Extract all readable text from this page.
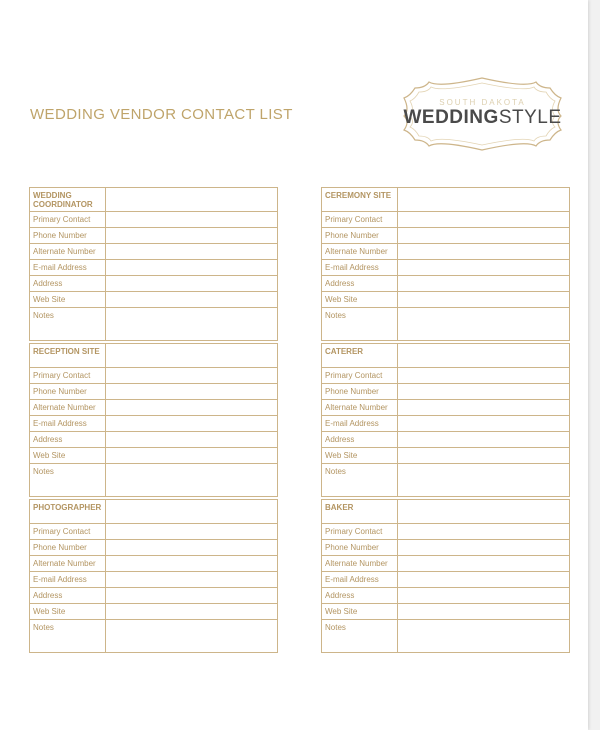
WEDDING VENDOR CONTACT LIST
SOUTH DAKOTA
WEDDINGSTYLE
WEDDING COORDINATOR	
Primary Contact	
Phone Number	
Alternate Number	
E-mail Address	
Address	
Web Site	
Notes	
CEREMONY SITE	
Primary Contact	
Phone Number	
Alternate Number	
E-mail Address	
Address	
Web Site	
Notes	
RECEPTION SITE	
Primary Contact	
Phone Number	
Alternate Number	
E-mail Address	
Address	
Web Site	
Notes	
CATERER	
Primary Contact	
Phone Number	
Alternate Number	
E-mail Address	
Address	
Web Site	
Notes	
PHOTOGRAPHER	
Primary Contact	
Phone Number	
Alternate Number	
E-mail Address	
Address	
Web Site	
Notes	
BAKER	
Primary Contact	
Phone Number	
Alternate Number	
E-mail Address	
Address	
Web Site	
Notes	
